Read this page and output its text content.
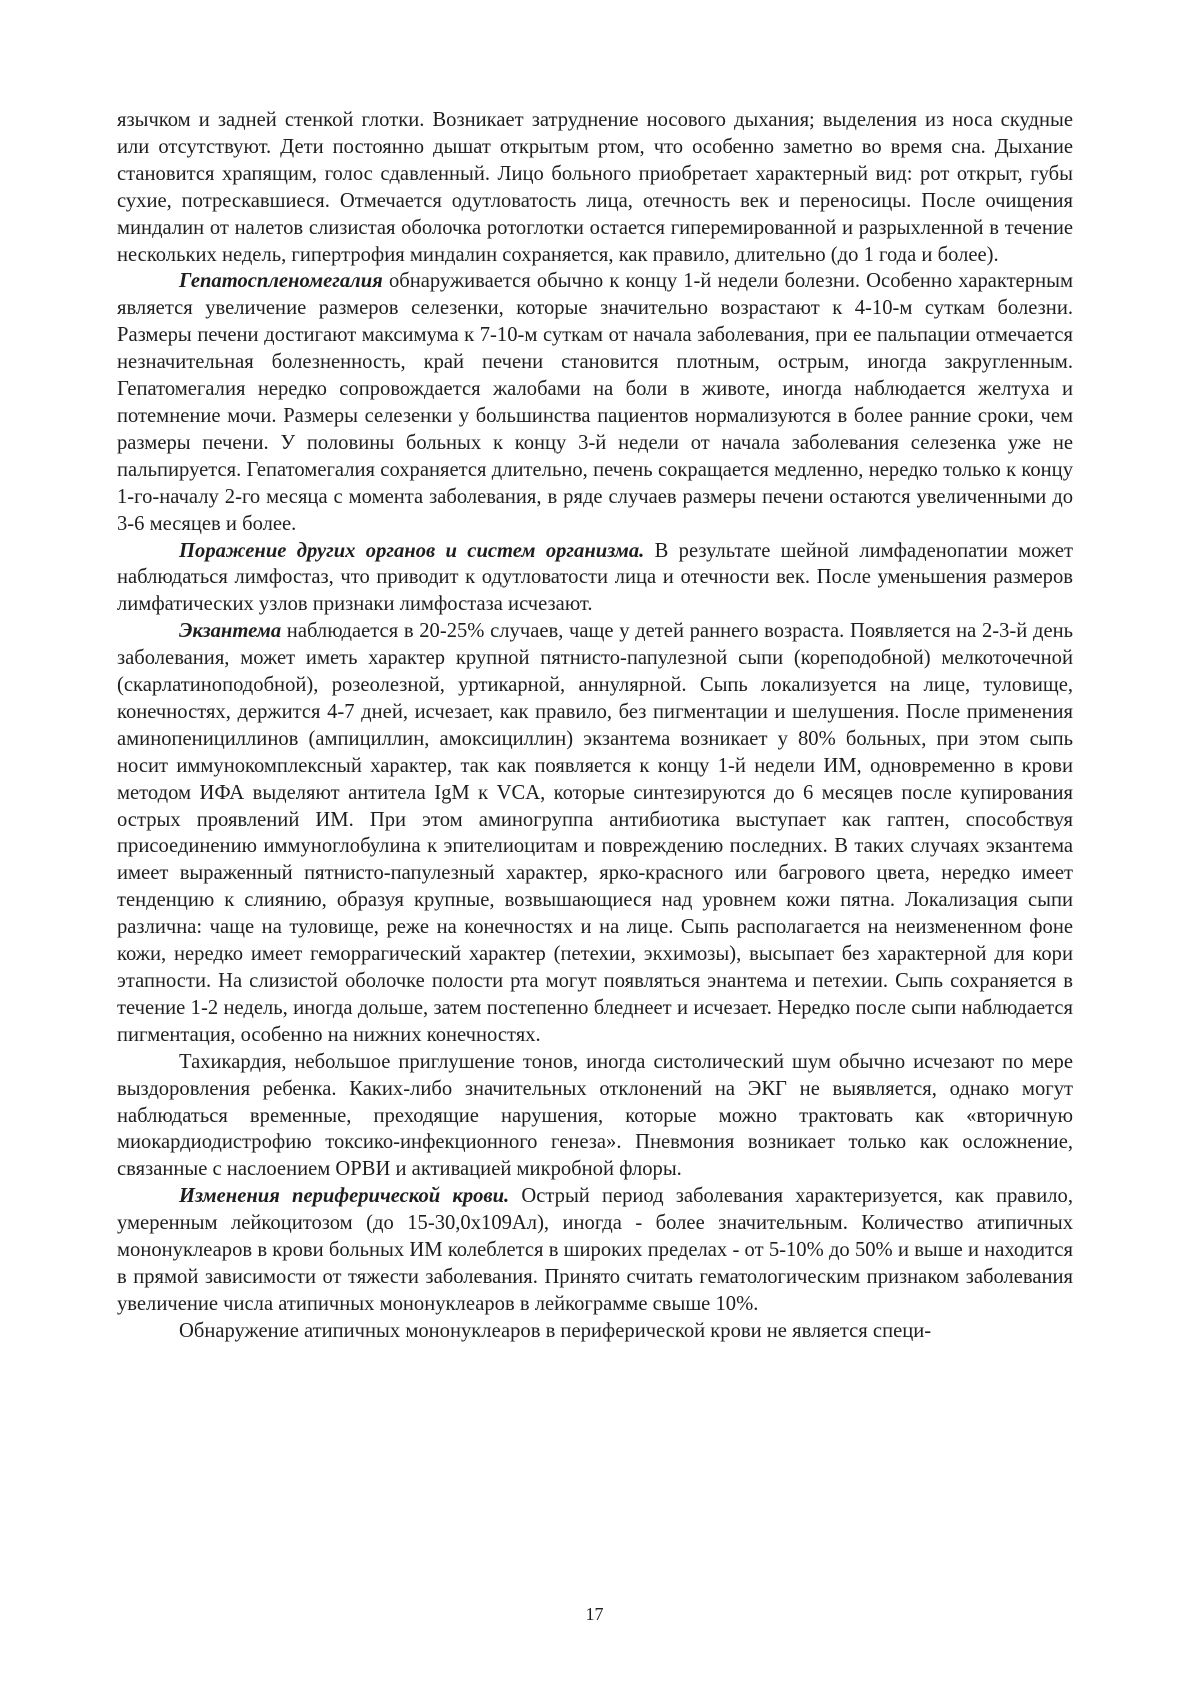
язычком и задней стенкой глотки. Возникает затруднение носового дыхания; выделения из носа скудные или отсутствуют. Дети постоянно дышат открытым ртом, что особенно заметно во время сна. Дыхание становится храпящим, голос сдавленный. Лицо больного приобретает характерный вид: рот открыт, губы сухие, потрескавшиеся. Отмечается одутловатость лица, отечность век и переносицы. После очищения миндалин от налетов слизистая оболочка ротоглотки остается гиперемированной и разрыхленной в течение нескольких недель, гипертрофия миндалин сохраняется, как правило, длительно (до 1 года и более).

Гепатоспленомегалия обнаруживается обычно к концу 1-й недели болезни. Особенно характерным является увеличение размеров селезенки, которые значительно возрастают к 4-10-м суткам болезни. Размеры печени достигают максимума к 7-10-м суткам от начала заболевания, при ее пальпации отмечается незначительная болезненность, край печени становится плотным, острым, иногда закругленным. Гепатомегалия нередко сопровождается жалобами на боли в животе, иногда наблюдается желтуха и потемнение мочи. Размеры селезенки у большинства пациентов нормализуются в более ранние сроки, чем размеры печени. У половины больных к концу 3-й недели от начала заболевания селезенка уже не пальпируется. Гепатомегалия сохраняется длительно, печень сокращается медленно, нередко только к концу 1-го-началу 2-го месяца с момента заболевания, в ряде случаев размеры печени остаются увеличенными до 3-6 месяцев и более.

Поражение других органов и систем организма. В результате шейной лимфаденопатии может наблюдаться лимфостаз, что приводит к одутловатости лица и отечности век. После уменьшения размеров лимфатических узлов признаки лимфостаза исчезают.

Экзантема наблюдается в 20-25% случаев, чаще у детей раннего возраста. Появляется на 2-3-й день заболевания, может иметь характер крупной пятнисто-папулезной сыпи (кореподобной) мелкоточечной (скарлатиноподобной), розеолезной, уртикарной, аннулярной. Сыпь локализуется на лице, туловище, конечностях, держится 4-7 дней, исчезает, как правило, без пигментации и шелушения. После применения аминопенициллинов (ампициллин, амоксициллин) экзантема возникает у 80% больных, при этом сыпь носит иммунокомплексный характер, так как появляется к концу 1-й недели ИМ, одновременно в крови методом ИФА выделяют антитела IgM к VCA, которые синтезируются до 6 месяцев после купирования острых проявлений ИМ. При этом аминогруппа антибиотика выступает как гаптен, способствуя присоединению иммуноглобулина к эпителиоцитам и повреждению последних. В таких случаях экзантема имеет выраженный пятнисто-папулезный характер, ярко-красного или багрового цвета, нередко имеет тенденцию к слиянию, образуя крупные, возвышающиеся над уровнем кожи пятна. Локализация сыпи различна: чаще на туловище, реже на конечностях и на лице. Сыпь располагается на неизмененном фоне кожи, нередко имеет геморрагический характер (петехии, экхимозы), высыпает без характерной для кори этапности. На слизистой оболочке полости рта могут появляться энантема и петехии. Сыпь сохраняется в течение 1-2 недель, иногда дольше, затем постепенно бледнеет и исчезает. Нередко после сыпи наблюдается пигментация, особенно на нижних конечностях.

Тахикардия, небольшое приглушение тонов, иногда систолический шум обычно исчезают по мере выздоровления ребенка. Каких-либо значительных отклонений на ЭКГ не выявляется, однако могут наблюдаться временные, преходящие нарушения, которые можно трактовать как «вторичную миокардиодистрофию токсико-инфекционного генеза». Пневмония возникает только как осложнение, связанные с наслоением ОРВИ и активацией микробной флоры.

Изменения периферической крови. Острый период заболевания характеризуется, как правило, умеренным лейкоцитозом (до 15-30,0х109Ал), иногда - более значительным. Количество атипичных мононуклеаров в крови больных ИМ колеблется в широких пределах - от 5-10% до 50% и выше и находится в прямой зависимости от тяжести заболевания. Принято считать гематологическим признаком заболевания увеличение числа атипичных мононуклеаров в лейкограмме свыше 10%.

Обнаружение атипичных мононуклеаров в периферической крови не является специ-

17
